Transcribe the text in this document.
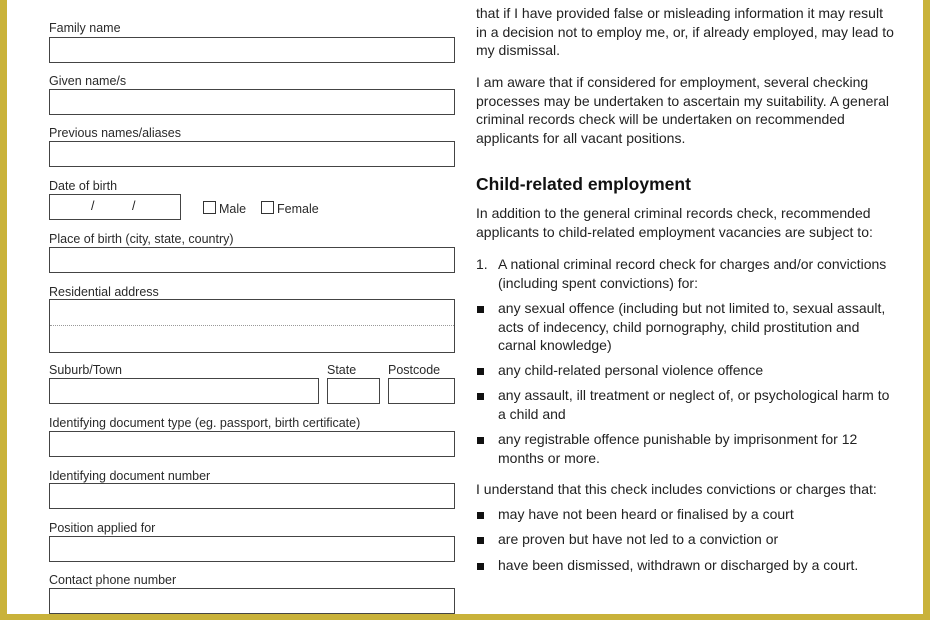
Family name
Given name/s
Previous names/aliases
Date of birth
/	/	Male Female
Place of birth (city, state, country)
Residential address
Suburb/Town	State	Postcode
Identifying document type (eg. passport, birth certificate)
Identifying document number
Position applied for
Contact phone number

that if I have provided false or misleading information it may result in a decision not to employ me, or, if already employed, may lead to my dismissal.

I am aware that if considered for employment, several checking processes may be undertaken to ascertain my suitability. A general criminal records check will be undertaken on recommended applicants for all vacant positions.

Child-related employment

In addition to the general criminal records check, recommended applicants to child-related employment vacancies are subject to:

1. A national criminal record check for charges and/or convictions (including spent convictions) for:
any sexual offence (including but not limited to, sexual assault, acts of indecency, child pornography, child prostitution and carnal knowledge)
any child-related personal violence offence
any assault, ill treatment or neglect of, or psychological harm to a child and
any registrable offence punishable by imprisonment for 12 months or more.

I understand that this check includes convictions or charges that:

may have not been heard or finalised by a court
are proven but have not led to a conviction or
have been dismissed, withdrawn or discharged by a court.
